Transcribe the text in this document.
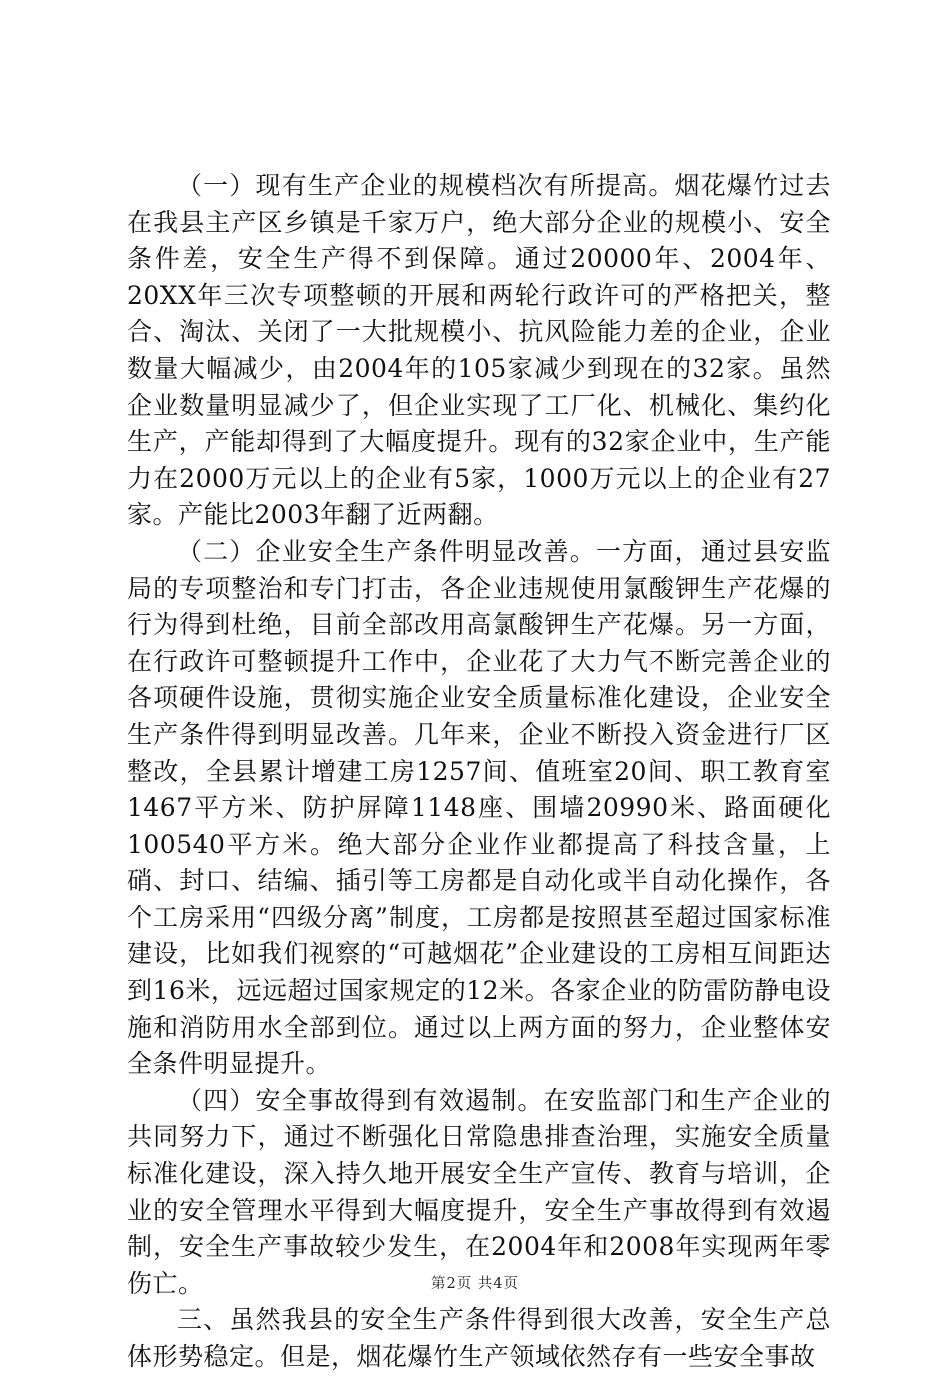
（一）现有生产企业的规模档次有所提高。烟花爆竹过去在我县主产区乡镇是千家万户，绝大部分企业的规模小、安全条件差，安全生产得不到保障。通过20000年、2004年、20XX年三次专项整顿的开展和两轮行政许可的严格把关，整合、淘汰、关闭了一大批规模小、抗风险能力差的企业，企业数量大幅减少，由2004年的105家减少到现在的32家。虽然企业数量明显减少了，但企业实现了工厂化、机械化、集约化生产，产能却得到了大幅度提升。现有的32家企业中，生产能力在2000万元以上的企业有5家，1000万元以上的企业有27家。产能比2003年翻了近两翻。

（二）企业安全生产条件明显改善。一方面，通过县安监局的专项整治和专门打击，各企业违规使用氯酸钾生产花爆的行为得到杜绝，目前全部改用高氯酸钾生产花爆。另一方面，在行政许可整顿提升工作中，企业花了大力气不断完善企业的各项硬件设施，贯彻实施企业安全质量标准化建设，企业安全生产条件得到明显改善。几年来，企业不断投入资金进行厂区整改，全县累计增建工房1257间、值班室20间、职工教育室1467平方米、防护屏障1148座、围墙20990米、路面硬化100540平方米。绝大部分企业作业都提高了科技含量，上硝、封口、结编、插引等工房都是自动化或半自动化操作，各个工房采用“四级分离”制度，工房都是按照甚至超过国家标准建设，比如我们视察的“可越烟花”企业建设的工房相互间距达到16米，远远超过国家规定的12米。各家企业的防雷防静电设施和消防用水全部到位。通过以上两方面的努力，企业整体安全条件明显提升。

（四）安全事故得到有效遏制。在安监部门和生产企业的共同努力下，通过不断强化日常隐患排查治理，实施安全质量标准化建设，深入持久地开展安全生产宣传、教育与培训，企业的安全管理水平得到大幅度提升，安全生产事故得到有效遏制，安全生产事故较少发生，在2004年和2008年实现两年零伤亡。

三、虽然我县的安全生产条件得到很大改善，安全生产总体形势稳定。但是，烟花爆竹生产领域依然存有一些安全事故

第2页 共4页
